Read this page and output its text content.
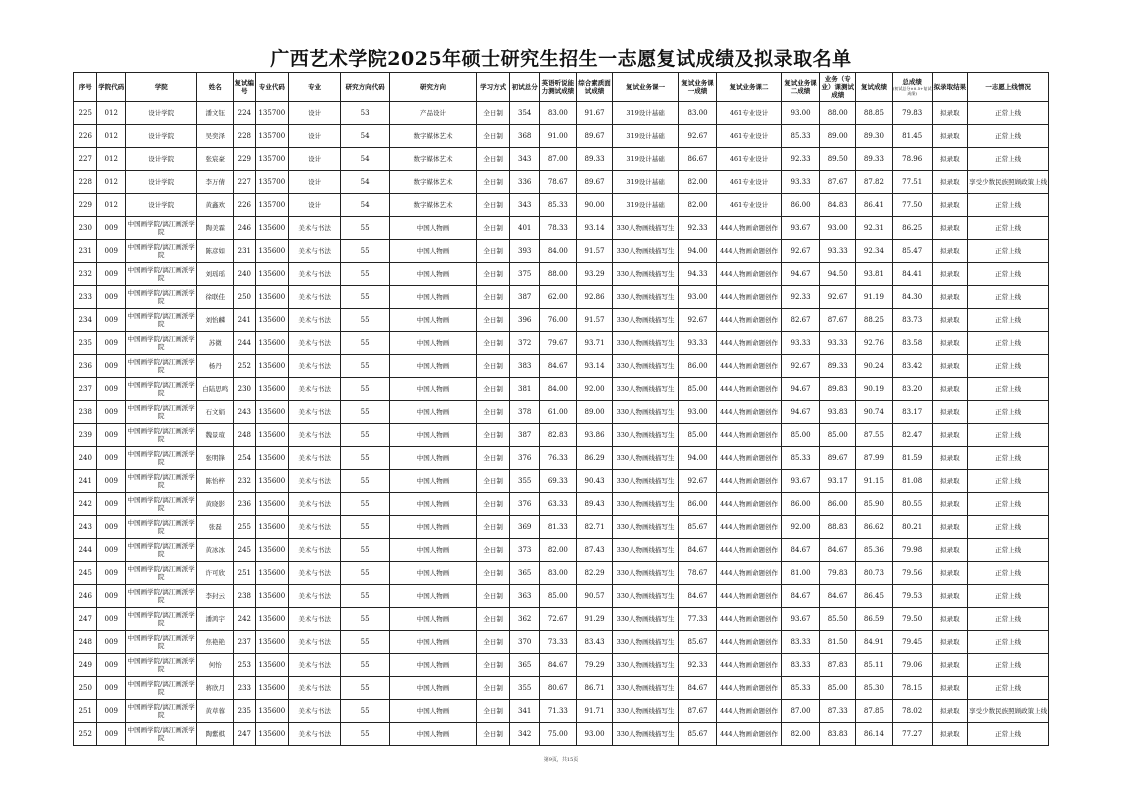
广西艺术学院2025年硕士研究生招生一志愿复试成绩及拟录取名单
序号	学院代码	学院	姓名	复试编号	专业代码	专业	研究方向代码	研究方向	学习方式	初试总分	英语听说能力测试成绩	综合素质面试成绩	复试业务课一	复试业务课一成绩	复试业务课二	复试业务课二成绩	业务（专业）课测试成绩	复试成绩	总成绩
(初试总分×0.5+复试成绩)	拟录取结果	一志愿上线情况
225	012	设计学院	潘文钰	224	135700	设计	53	产品设计	全日制	354	83.00	91.67	319设计基础	83.00	461专业设计	93.00	88.00	88.85	79.83	拟录取	正常上线
226	012	设计学院	吴奕泽	228	135700	设计	54	数字媒体艺术	全日制	368	91.00	89.67	319设计基础	92.67	461专业设计	85.33	89.00	89.30	81.45	拟录取	正常上线
227	012	设计学院	张宸豪	229	135700	设计	54	数字媒体艺术	全日制	343	87.00	89.33	319设计基础	86.67	461专业设计	92.33	89.50	89.33	78.96	拟录取	正常上线
228	012	设计学院	李万倩	227	135700	设计	54	数字媒体艺术	全日制	336	78.67	89.67	319设计基础	82.00	461专业设计	93.33	87.67	87.82	77.51	拟录取	享受少数民族照顾政策上线
229	012	设计学院	黄鑫欢	226	135700	设计	54	数字媒体艺术	全日制	343	85.33	90.00	319设计基础	82.00	461专业设计	86.00	84.83	86.41	77.50	拟录取	正常上线
230	009	中国画学院/漓江画派学院	陶美霖	246	135600	美术与书法	55	中国人物画	全日制	401	78.33	93.14	330人物画线描写生	92.33	444人物画命题创作	93.67	93.00	92.31	86.25	拟录取	正常上线
231	009	中国画学院/漓江画派学院	陈彦如	231	135600	美术与书法	55	中国人物画	全日制	393	84.00	91.57	330人物画线描写生	94.00	444人物画命题创作	92.67	93.33	92.34	85.47	拟录取	正常上线
232	009	中国画学院/漓江画派学院	刘瑶瑶	240	135600	美术与书法	55	中国人物画	全日制	375	88.00	93.29	330人物画线描写生	94.33	444人物画命题创作	94.67	94.50	93.81	84.41	拟录取	正常上线
233	009	中国画学院/漓江画派学院	徐联佳	250	135600	美术与书法	55	中国人物画	全日制	387	62.00	92.86	330人物画线描写生	93.00	444人物画命题创作	92.33	92.67	91.19	84.30	拟录取	正常上线
234	009	中国画学院/漓江画派学院	刘怡麟	241	135600	美术与书法	55	中国人物画	全日制	396	76.00	91.57	330人物画线描写生	92.67	444人物画命题创作	82.67	87.67	88.25	83.73	拟录取	正常上线
235	009	中国画学院/漓江画派学院	苏微	244	135600	美术与书法	55	中国人物画	全日制	372	79.67	93.71	330人物画线描写生	93.33	444人物画命题创作	93.33	93.33	92.76	83.58	拟录取	正常上线
236	009	中国画学院/漓江画派学院	杨丹	252	135600	美术与书法	55	中国人物画	全日制	383	84.67	93.14	330人物画线描写生	86.00	444人物画命题创作	92.67	89.33	90.24	83.42	拟录取	正常上线
237	009	中国画学院/漓江画派学院	白陆思鸣	230	135600	美术与书法	55	中国人物画	全日制	381	84.00	92.00	330人物画线描写生	85.00	444人物画命题创作	94.67	89.83	90.19	83.20	拟录取	正常上线
238	009	中国画学院/漓江画派学院	石文娟	243	135600	美术与书法	55	中国人物画	全日制	378	61.00	89.00	330人物画线描写生	93.00	444人物画命题创作	94.67	93.83	90.74	83.17	拟录取	正常上线
239	009	中国画学院/漓江画派学院	魏景瑄	248	135600	美术与书法	55	中国人物画	全日制	387	82.83	93.86	330人物画线描写生	85.00	444人物画命题创作	85.00	85.00	87.55	82.47	拟录取	正常上线
240	009	中国画学院/漓江画派学院	张明锋	254	135600	美术与书法	55	中国人物画	全日制	376	76.33	86.29	330人物画线描写生	94.00	444人物画命题创作	85.33	89.67	87.99	81.59	拟录取	正常上线
241	009	中国画学院/漓江画派学院	陈怡梓	232	135600	美术与书法	55	中国人物画	全日制	355	69.33	90.43	330人物画线描写生	92.67	444人物画命题创作	93.67	93.17	91.15	81.08	拟录取	正常上线
242	009	中国画学院/漓江画派学院	黄晓影	236	135600	美术与书法	55	中国人物画	全日制	376	63.33	89.43	330人物画线描写生	86.00	444人物画命题创作	86.00	86.00	85.90	80.55	拟录取	正常上线
243	009	中国画学院/漓江画派学院	张磊	255	135600	美术与书法	55	中国人物画	全日制	369	81.33	82.71	330人物画线描写生	85.67	444人物画命题创作	92.00	88.83	86.62	80.21	拟录取	正常上线
244	009	中国画学院/漓江画派学院	黄冰冰	245	135600	美术与书法	55	中国人物画	全日制	373	82.00	87.43	330人物画线描写生	84.67	444人物画命题创作	84.67	84.67	85.36	79.98	拟录取	正常上线
245	009	中国画学院/漓江画派学院	许可欣	251	135600	美术与书法	55	中国人物画	全日制	365	83.00	82.29	330人物画线描写生	78.67	444人物画命题创作	81.00	79.83	80.73	79.56	拟录取	正常上线
246	009	中国画学院/漓江画派学院	李封云	238	135600	美术与书法	55	中国人物画	全日制	363	85.00	90.57	330人物画线描写生	84.67	444人物画命题创作	84.67	84.67	86.45	79.53	拟录取	正常上线
247	009	中国画学院/漓江画派学院	潘鸿宇	242	135600	美术与书法	55	中国人物画	全日制	362	72.67	91.29	330人物画线描写生	77.33	444人物画命题创作	93.67	85.50	86.59	79.50	拟录取	正常上线
248	009	中国画学院/漓江画派学院	焦艳艳	237	135600	美术与书法	55	中国人物画	全日制	370	73.33	83.43	330人物画线描写生	85.67	444人物画命题创作	83.33	81.50	84.91	79.45	拟录取	正常上线
249	009	中国画学院/漓江画派学院	何怡	253	135600	美术与书法	55	中国人物画	全日制	365	84.67	79.29	330人物画线描写生	92.33	444人物画命题创作	83.33	87.83	85.11	79.06	拟录取	正常上线
250	009	中国画学院/漓江画派学院	蒋欣月	233	135600	美术与书法	55	中国人物画	全日制	355	80.67	86.71	330人物画线描写生	84.67	444人物画命题创作	85.33	85.00	85.30	78.15	拟录取	正常上线
251	009	中国画学院/漓江画派学院	黄草蓉	235	135600	美术与书法	55	中国人物画	全日制	341	71.33	91.71	330人物画线描写生	87.67	444人物画命题创作	87.00	87.33	87.85	78.02	拟录取	享受少数民族照顾政策上线
252	009	中国画学院/漓江画派学院	陶紫棋	247	135600	美术与书法	55	中国人物画	全日制	342	75.00	93.00	330人物画线描写生	85.67	444人物画命题创作	82.00	83.83	86.14	77.27	拟录取	正常上线
第9页，共15页
